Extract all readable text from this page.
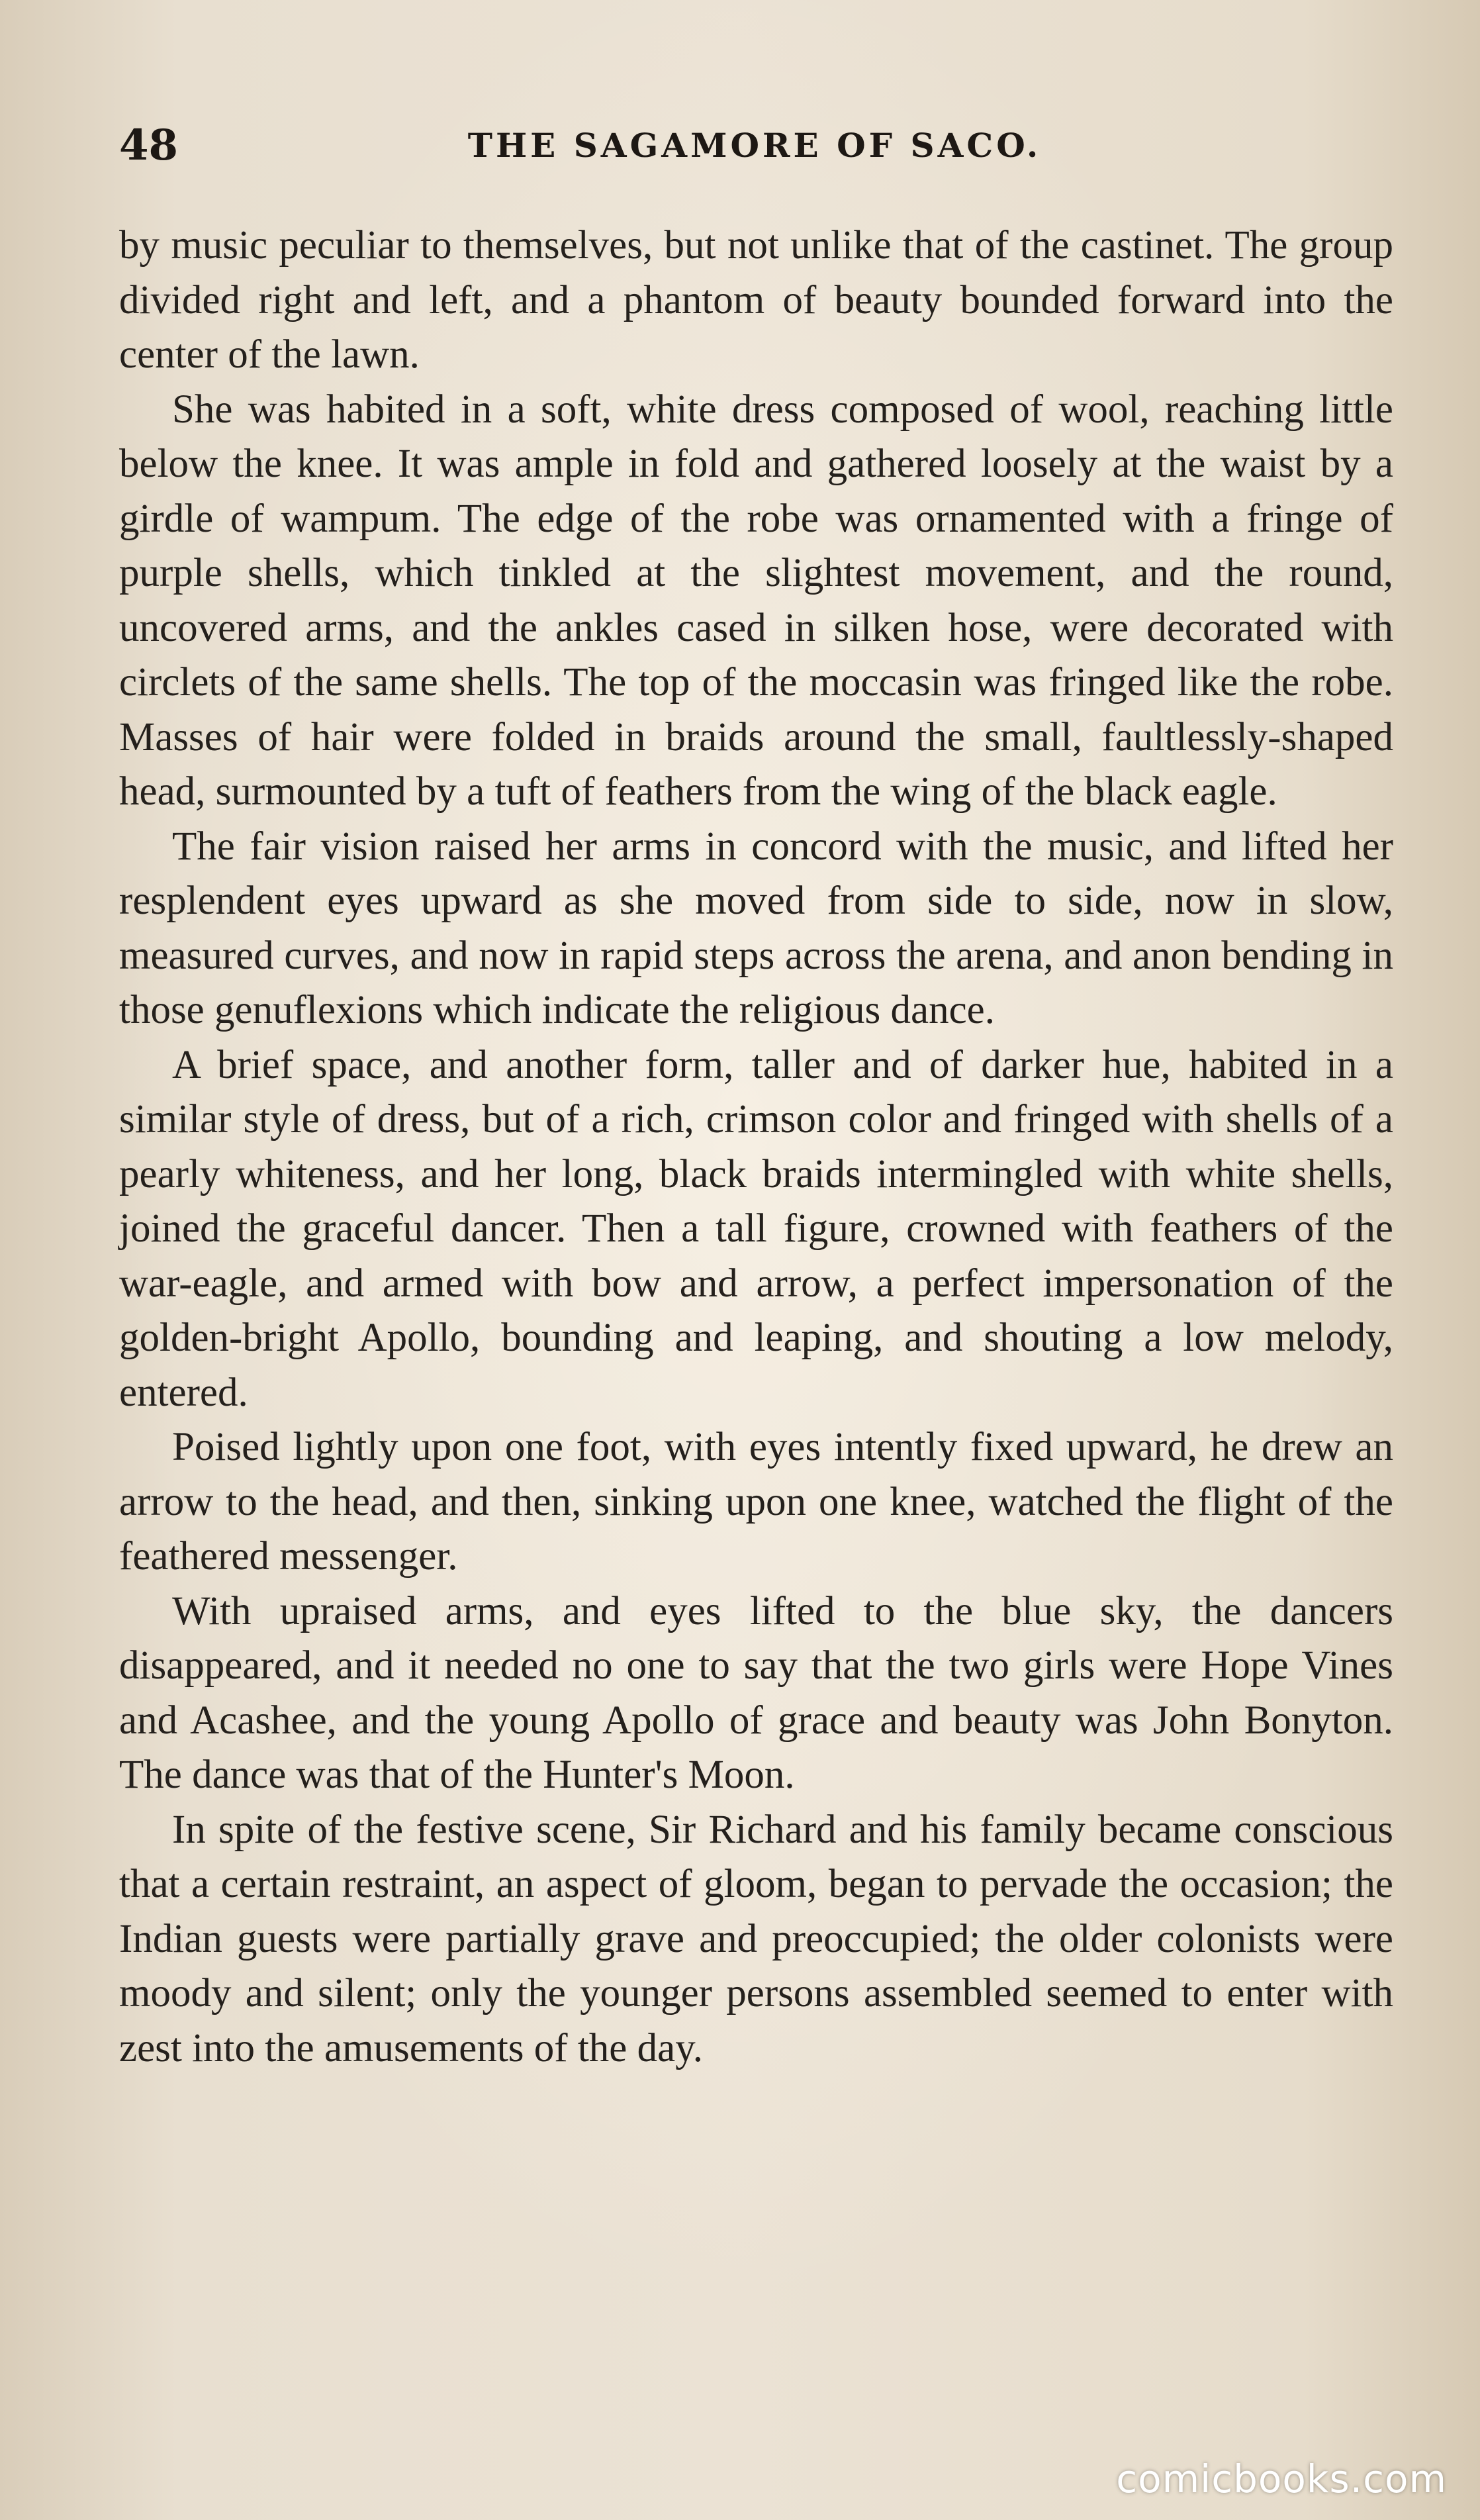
48	THE SAGAMORE OF SACO.

by music peculiar to themselves, but not unlike that of the castinet. The group divided right and left, and a phantom of beauty bounded forward into the center of the lawn.

She was habited in a soft, white dress composed of wool, reaching little below the knee. It was ample in fold and gathered loosely at the waist by a girdle of wampum. The edge of the robe was ornamented with a fringe of purple shells, which tinkled at the slightest movement, and the round, uncovered arms, and the ankles cased in silken hose, were decorated with circlets of the same shells. The top of the moccasin was fringed like the robe. Masses of hair were folded in braids around the small, faultlessly-shaped head, surmounted by a tuft of feathers from the wing of the black eagle.

The fair vision raised her arms in concord with the music, and lifted her resplendent eyes upward as she moved from side to side, now in slow, measured curves, and now in rapid steps across the arena, and anon bending in those genuflexions which indicate the religious dance.

A brief space, and another form, taller and of darker hue, habited in a similar style of dress, but of a rich, crimson color and fringed with shells of a pearly whiteness, and her long, black braids intermingled with white shells, joined the graceful dancer. Then a tall figure, crowned with feathers of the war-eagle, and armed with bow and arrow, a perfect impersonation of the golden-bright Apollo, bounding and leaping, and shouting a low melody, entered.

Poised lightly upon one foot, with eyes intently fixed upward, he drew an arrow to the head, and then, sinking upon one knee, watched the flight of the feathered messenger.

With upraised arms, and eyes lifted to the blue sky, the dancers disappeared, and it needed no one to say that the two girls were Hope Vines and Acashee, and the young Apollo of grace and beauty was John Bonyton. The dance was that of the Hunter's Moon.

In spite of the festive scene, Sir Richard and his family became conscious that a certain restraint, an aspect of gloom, began to pervade the occasion; the Indian guests were partially grave and preoccupied; the older colonists were moody and silent; only the younger persons assembled seemed to enter with zest into the amusements of the day.

comicbooks.com
